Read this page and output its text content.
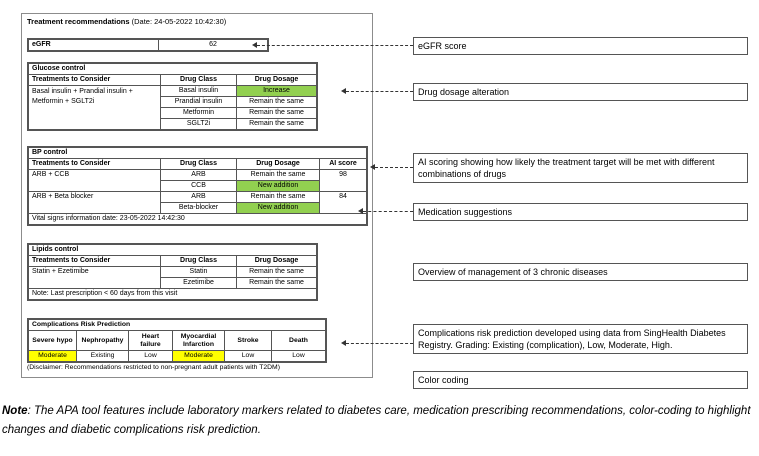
Treatment recommendations (Date: 24-05-2022 10:42:30)
eGFR	62
Glucose control		
Treatments to Consider	Drug Class	Drug Dosage
Basal insulin + Prandial insulin +
Metformin + SGLT2i	Basal insulin	Increase
	Prandial insulin	Remain the same
	Metformin	Remain the same
	SGLT2i	Remain the same
BP control			
Treatments to Consider	Drug Class	Drug Dosage	AI score
ARB + CCB	ARB	Remain the same	98
	CCB	New addition	
ARB + Beta blocker	ARB	Remain the same	84
	Beta-blocker	New addition	
Vital signs information date: 23-05-2022 14:42:30			
Lipids control		
Treatments to Consider	Drug Class	Drug Dosage
Statin + Ezetimibe	Statin	Remain the same
	Ezetimibe	Remain the same
Note: Last prescription < 60 days from this visit		
Complications Risk Prediction					
Severe hypo	Nephropathy	Heart failure	Myocardial Infarction	Stroke	Death
Moderate	Existing	Low	Moderate	Low	Low
(Disclaimer: Recommendations restricted to non-pregnant adult patients with T2DM)
eGFR score
Drug dosage alteration
AI scoring showing how likely the treatment target will be met with different combinations of drugs
Medication suggestions
Overview of management of 3 chronic diseases
Complications risk prediction developed using data from SingHealth Diabetes Registry. Grading: Existing (complication), Low, Moderate, High.
Color coding
Note: The APA tool features include laboratory markers related to diabetes care, medication prescribing recommendations, color-coding to highlight changes and diabetic complications risk prediction.
